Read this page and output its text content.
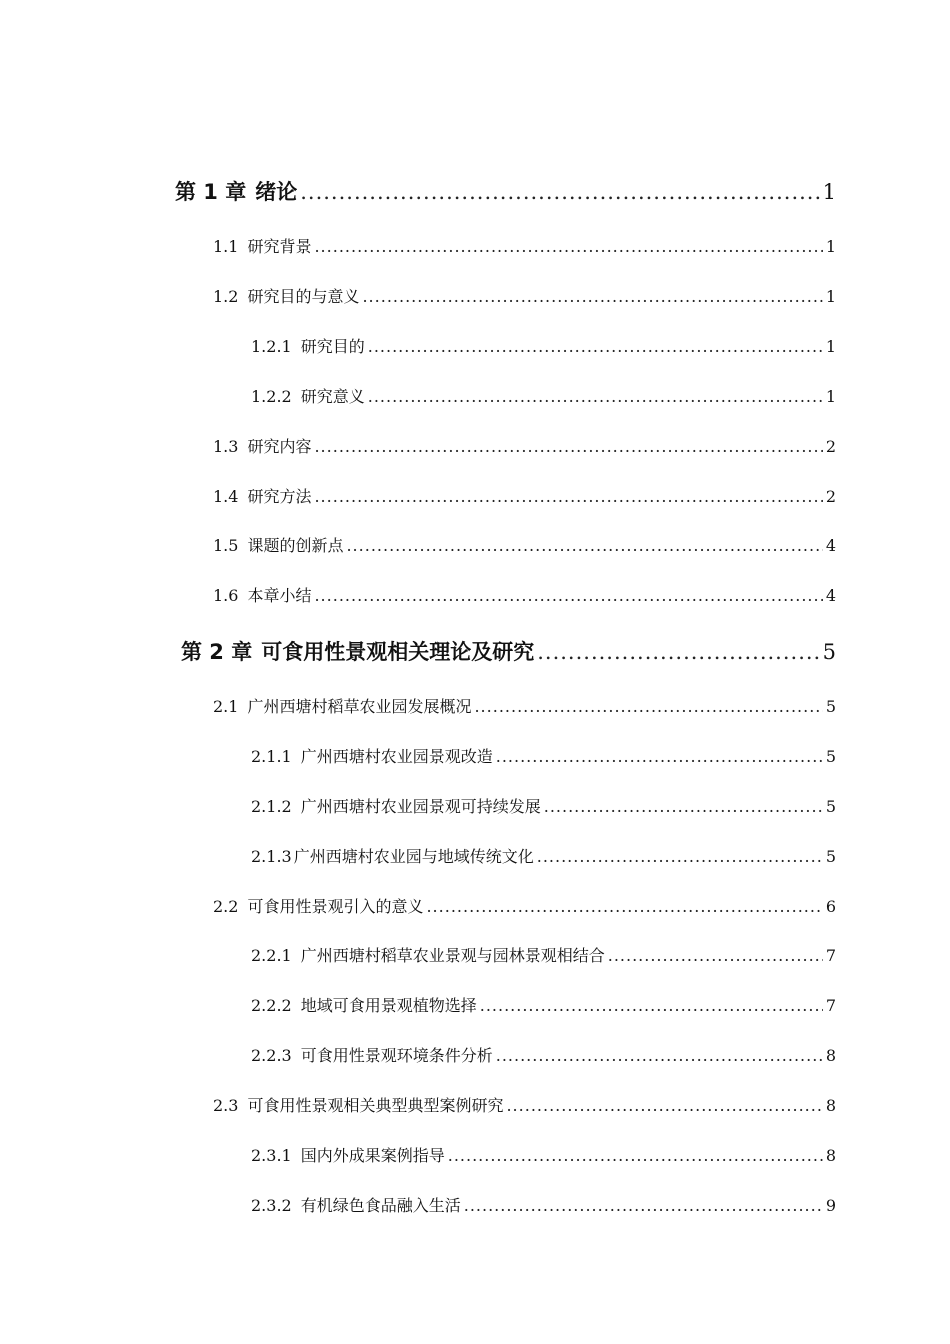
第 1 章 绪论 .....	1
1.1 研究背景 .....	1
1.2 研究目的与意义 .....	1
1.2.1 研究目的 .....	1
1.2.2 研究意义 .....	1
1.3 研究内容 .....	2
1.4 研究方法 .....	2
1.5 课题的创新点 .....	4
1.6 本章小结 .....	4
第 2 章 可食用性景观相关理论及研究 .....	5
2.1 广州西塘村稻草农业园发展概况 .....	5
2.1.1 广州西塘村农业园景观改造 .....	5
2.1.2 广州西塘村农业园景观可持续发展 .....	5
2.1.3 广州西塘村农业园与地域传统文化 .....	5
2.2 可食用性景观引入的意义 .....	6
2.2.1 广州西塘村稻草农业景观与园林景观相结合 .....	7
2.2.2 地域可食用景观植物选择 .....	7
2.2.3 可食用性景观环境条件分析 .....	8
2.3 可食用性景观相关典型典型案例研究 .....	8
2.3.1 国内外成果案例指导 .....	8
2.3.2 有机绿色食品融入生活 .....	9
